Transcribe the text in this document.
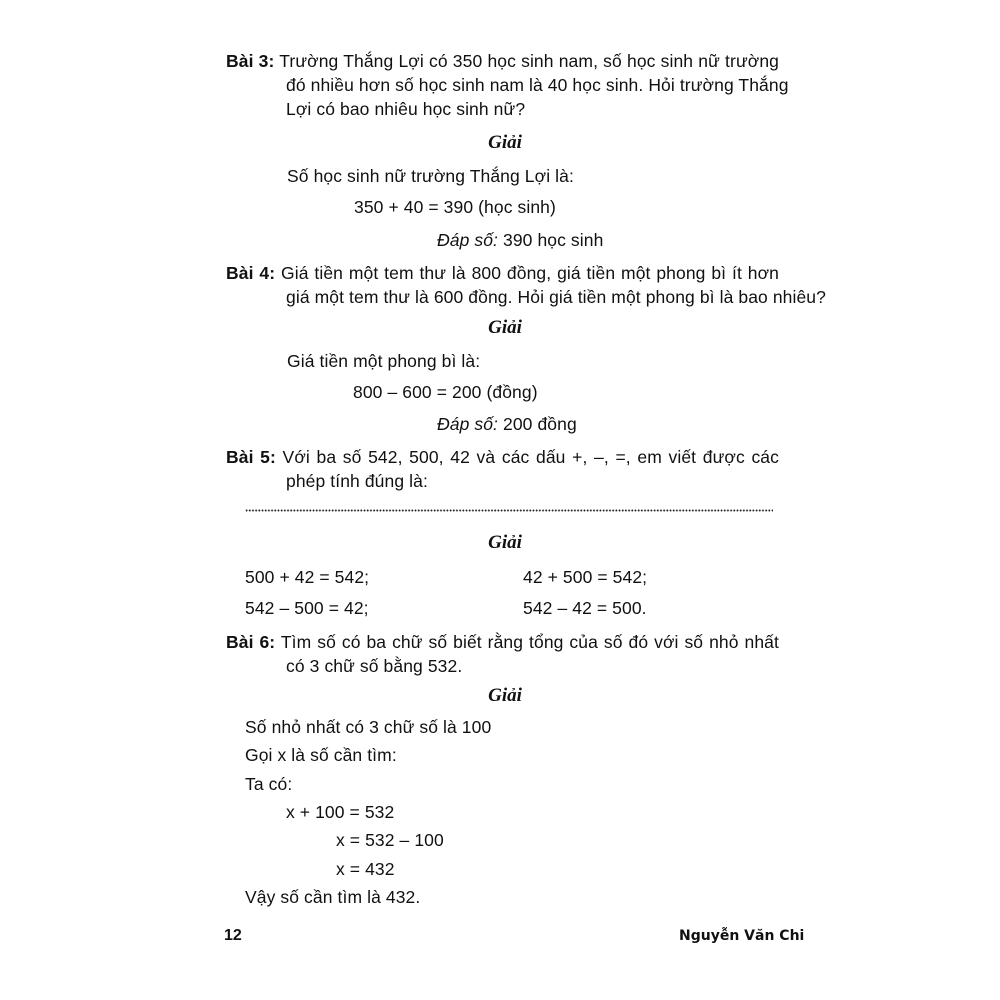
Bài 3: Trường Thắng Lợi có 350 học sinh nam, số học sinh nữ trường
đó nhiều hơn số học sinh nam là 40 học sinh. Hỏi trường Thắng
Lợi có bao nhiêu học sinh nữ?
Giải
Số học sinh nữ trường Thắng Lợi là:
350 + 40 = 390 (học sinh)
Đáp số: 390 học sinh
Bài 4: Giá tiền một tem thư là 800 đồng, giá tiền một phong bì ít hơn
giá một tem thư là 600 đồng. Hỏi giá tiền một phong bì là bao nhiêu?
Giải
Giá tiền một phong bì là:
800 – 600 = 200 (đồng)
Đáp số: 200 đồng
Bài 5: Với ba số 542, 500, 42 và các dấu +, –, =, em viết được các
phép tính đúng là:
Giải
500 + 42 = 542;	42 + 500 = 542;
542 – 500 = 42;	542 – 42 = 500.
Bài 6: Tìm số có ba chữ số biết rằng tổng của số đó với số nhỏ nhất
có 3 chữ số bằng 532.
Giải
Số nhỏ nhất có 3 chữ số là 100
Gọi x là số cần tìm:
Ta có:
x + 100 = 532
x = 532 – 100
x = 432
Vậy số cần tìm là 432.
12	Nguyễn Văn Chi
